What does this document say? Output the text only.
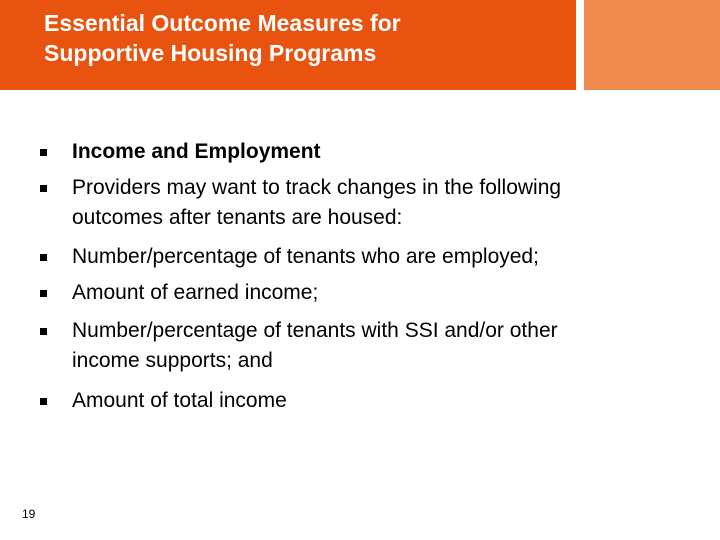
Essential Outcome Measures for
Supportive Housing Programs
Income and Employment
Providers may want to track changes in the following
outcomes after tenants are housed:
Number/percentage of tenants who are employed;
Amount of earned income;
Number/percentage of tenants with SSI and/or other
income supports; and
Amount of total income
19
